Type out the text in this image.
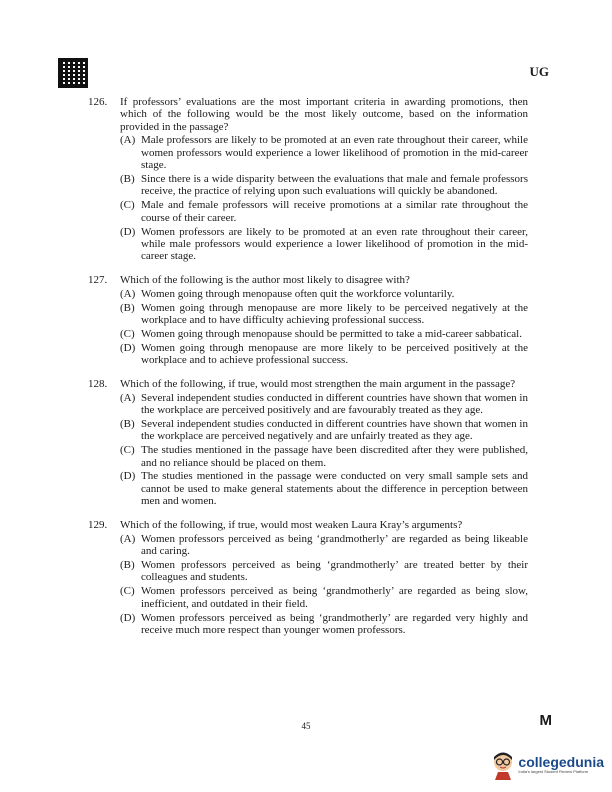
UG
126.	If professors’ evaluations are the most important criteria in awarding promotions, then which of the following would be the most likely outcome, based on the information provided in the passage?
(A) Male professors are likely to be promoted at an even rate throughout their career, while women professors would experience a lower likelihood of promotion in the mid-career stage.
(B) Since there is a wide disparity between the evaluations that male and female professors receive, the practice of relying upon such evaluations will quickly be abandoned.
(C) Male and female professors will receive promotions at a similar rate throughout the course of their career.
(D) Women professors are likely to be promoted at an even rate throughout their career, while male professors would experience a lower likelihood of promotion in the mid-career stage.
127.	Which of the following is the author most likely to disagree with?
(A) Women going through menopause often quit the workforce voluntarily.
(B) Women going through menopause are more likely to be perceived negatively at the workplace and to have difficulty achieving professional success.
(C) Women going through menopause should be permitted to take a mid-career sabbatical.
(D) Women going through menopause are more likely to be perceived positively at the workplace and to achieve professional success.
128.	Which of the following, if true, would most strengthen the main argument in the passage?
(A) Several independent studies conducted in different countries have shown that women in the workplace are perceived positively and are favourably treated as they age.
(B) Several independent studies conducted in different countries have shown that women in the workplace are perceived negatively and are unfairly treated as they age.
(C) The studies mentioned in the passage have been discredited after they were published, and no reliance should be placed on them.
(D) The studies mentioned in the passage were conducted on very small sample sets and cannot be used to make general statements about the difference in perception between men and women.
129.	Which of the following, if true, would most weaken Laura Kray’s arguments?
(A) Women professors perceived as being ‘grandmotherly’ are regarded as being likeable and caring.
(B) Women professors perceived as being ‘grandmotherly’ are treated better by their colleagues and students.
(C) Women professors perceived as being ‘grandmotherly’ are regarded as being slow, inefficient, and outdated in their field.
(D) Women professors perceived as being ‘grandmotherly’ are regarded very highly and receive much more respect than younger women professors.
45	M
collegedunia
India's largest Student Review Platform
